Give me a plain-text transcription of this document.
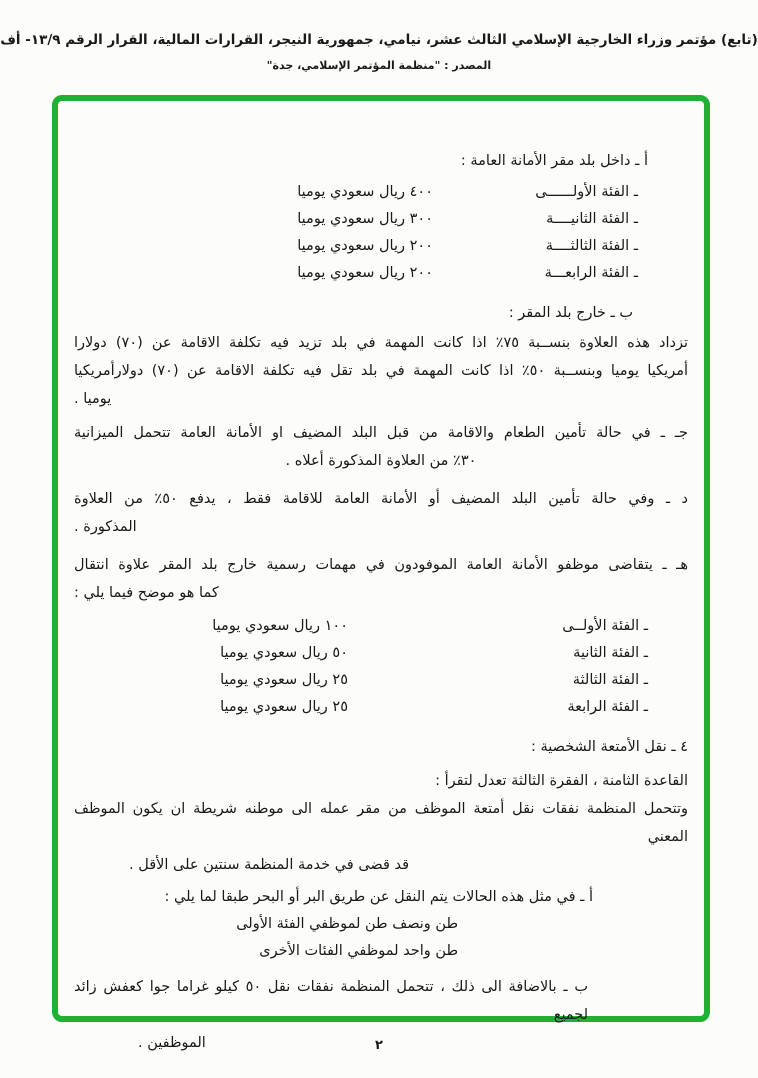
(تابع) مؤتمر وزراء الخارجية الإسلامي الثالث عشر، نيامي، جمهورية النيجر، القرارات المالية، القرار الرقم ١٣/٩- أف
المصدر : "منظمة المؤتمر الإسلامي، جدة"
أ ـ داخل بلد مقر الأمانة العامة :
ـ الفئة الأولــــــى
٤٠٠ ريال سعودي يوميا
ـ الفئة الثانيــــة
٣٠٠ ريال سعودي يوميا
ـ الفئة الثالثــــة
٢٠٠ ريال سعودي يوميا
ـ الفئة الرابعـــة
٢٠٠ ريال سعودي يوميا
ب ـ خارج بلد المقر :
تزداد هذه العلاوة بنســبة ٧٥٪ اذا كانت المهمة في بلد تزيد فيه تكلفة الاقامة عن (٧٠) دولارا
أمريكيا يوميا وبنســبة ٥٠٪ اذا كانت المهمة في بلد تقل فيه تكلفة الاقامة عن (٧٠) دولارأمريكيا
يوميا .
جـ ـ في حالة تأمين الطعام والاقامة من قبل البلد المضيف او الأمانة العامة تتحمل الميزانية
٣٠٪ من العلاوة المذكورة أعلاه .
د ـ وفي حالة تأمين البلد المضيف أو الأمانة العامة للاقامة فقط ، يدفع ٥٠٪ من العلاوة
المذكورة .
هـ ـ يتقاضى موظفو الأمانة العامة الموفودون في مهمات رسمية خارج بلد المقر علاوة انتقال
كما هو موضح فيما يلي :
ـ الفئة الأولــى
١٠٠ ريال سعودي يوميا
ـ الفئة الثانية
٥٠ ريال سعودي يوميا
ـ الفئة الثالثة
٢٥ ريال سعودي يوميا
ـ الفئة الرابعة
٢٥ ريال سعودي يوميا
٤ ـ نقل الأمتعة الشخصية :
القاعدة الثامنة ، الفقرة الثالثة تعدل لتقرأ :
وتتحمل المنظمة نفقات نقل أمتعة الموظف من مقر عمله الى موطنه شريطة ان يكون الموظف المعني
قد قضى في خدمة المنظمة سنتين على الأقل .
أ ـ في مثل هذه الحالات يتم النقل عن طريق البر أو البحر طبقا لما يلي :
طن ونصف طن لموظفي الفئة الأولى
طن واحد لموظفي الفئات الأخرى
ب ـ بالاضافة الى ذلك ، تتحمل المنظمة نفقات نقل ٥٠ كيلو غراما جوا كعفش زائد لجميع
الموظفين .	٢
